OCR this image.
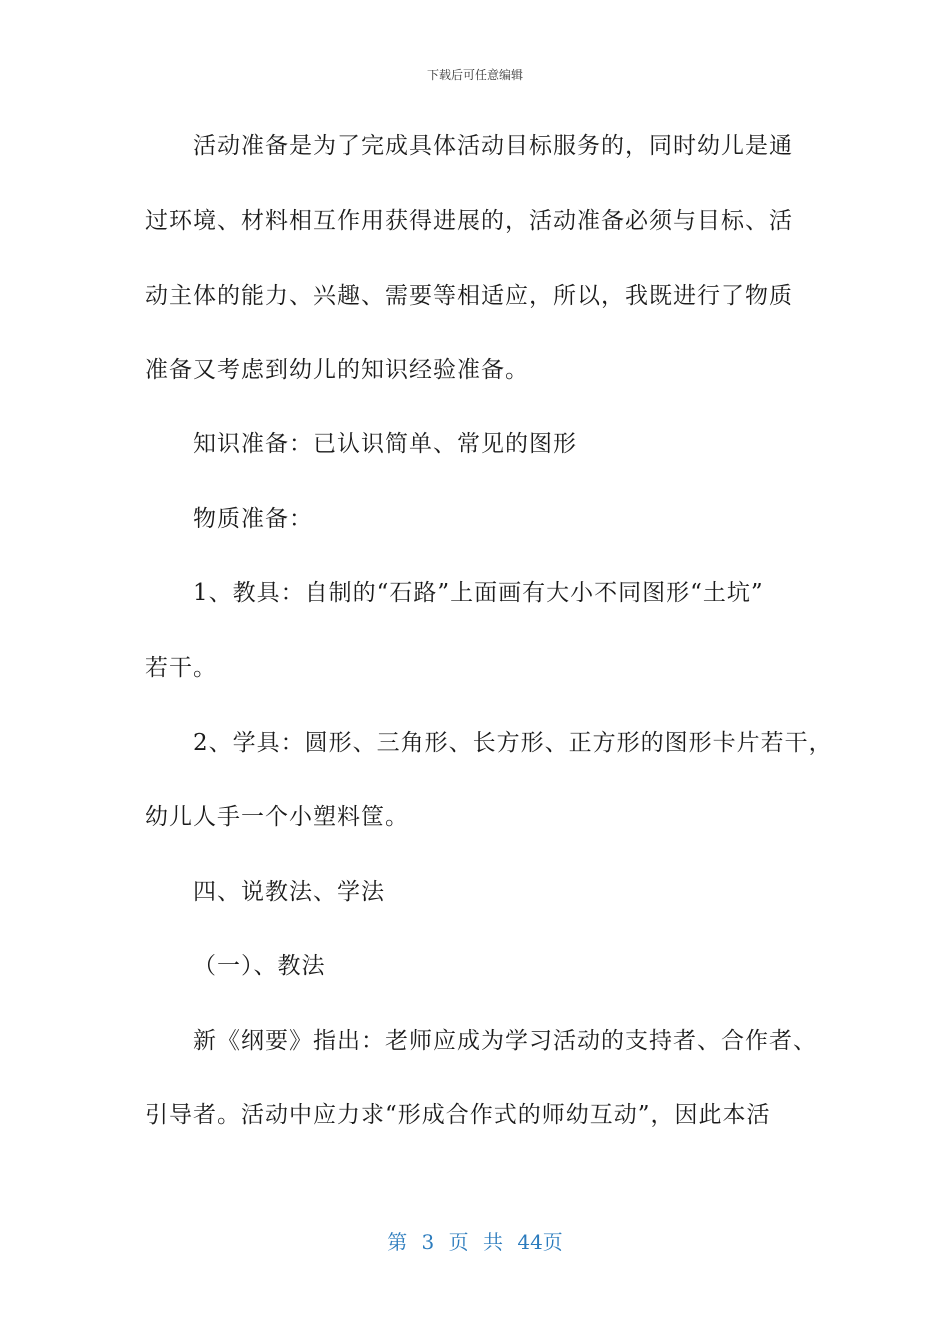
下载后可任意编辑
活动准备是为了完成具体活动目标服务的，同时幼儿是通
过环境、材料相互作用获得进展的，活动准备必须与目标、活
动主体的能力、兴趣、需要等相适应，所以，我既进行了物质
准备又考虑到幼儿的知识经验准备。
知识准备：已认识简单、常见的图形
物质准备：
1、教具：自制的“石路”上面画有大小不同图形“土坑”
若干。
2、学具：圆形、三角形、长方形、正方形的图形卡片若干，
幼儿人手一个小塑料筐。
四、说教法、学法
（一）、教法
新《纲要》指出：老师应成为学习活动的支持者、合作者、
引导者。活动中应力求“形成合作式的师幼互动”，因此本活
第 3 页 共 44页
